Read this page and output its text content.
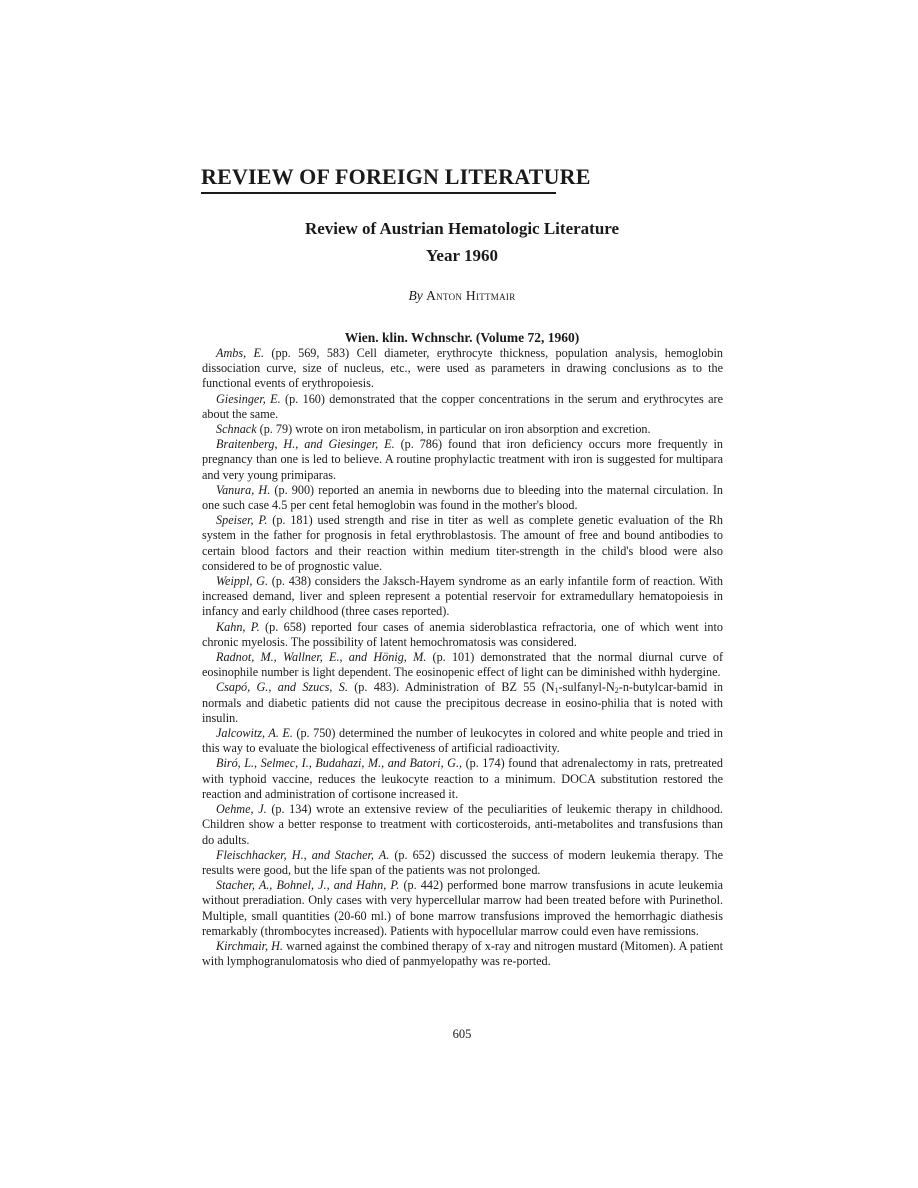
REVIEW OF FOREIGN LITERATURE
Review of Austrian Hematologic Literature
Year 1960
By Anton Hittmair
Wien. klin. Wchnschr. (Volume 72, 1960)

Ambs, E. (pp. 569, 583) Cell diameter, erythrocyte thickness, population analysis, hemoglobin dissociation curve, size of nucleus, etc., were used as parameters in drawing conclusions as to the functional events of erythropoiesis.

Giesinger, E. (p. 160) demonstrated that the copper concentrations in the serum and erythrocytes are about the same.

Schnack (p. 79) wrote on iron metabolism, in particular on iron absorption and excretion.

Braitenberg, H., and Giesinger, E. (p. 786) found that iron deficiency occurs more frequently in pregnancy than one is led to believe. A routine prophylactic treatment with iron is suggested for multipara and very young primiparas.

Vanura, H. (p. 900) reported an anemia in newborns due to bleeding into the maternal circulation. In one such case 4.5 per cent fetal hemoglobin was found in the mother's blood.

Speiser, P. (p. 181) used strength and rise in titer as well as complete genetic evaluation of the Rh system in the father for prognosis in fetal erythroblastosis. The amount of free and bound antibodies to certain blood factors and their reaction within medium titer-strength in the child's blood were also considered to be of prognostic value.

Weippl, G. (p. 438) considers the Jaksch-Hayem syndrome as an early infantile form of reaction. With increased demand, liver and spleen represent a potential reservoir for extramedullary hematopoiesis in infancy and early childhood (three cases reported).

Kahn, P. (p. 658) reported four cases of anemia sideroblastica refractoria, one of which went into chronic myelosis. The possibility of latent hemochromatosis was considered.

Radnot, M., Wallner, E., and Hönig, M. (p. 101) demonstrated that the normal diurnal curve of eosinophile number is light dependent. The eosinopenic effect of light can be diminished withh hydergine.

Csapó, G., and Szucs, S. (p. 483). Administration of BZ 55 ($N_1-sulfanyl-N_2-n-butylcar$-bamid in normals and diabetic patients did not cause the precipitous decrease in eosino-philia that is noted with insulin.

Jalcowitz, A. E. (p. 750) determined the number of leukocytes in colored and white people and tried in this way to evaluate the biological effectiveness of artificial radioactivity.

Biró, L., Selmec, I., Budahazi, M., and Batori, G., (p. 174) found that adrenalectomy in rats, pretreated with typhoid vaccine, reduces the leukocyte reaction to a minimum. DOCA substitution restored the reaction and administration of cortisone increased it.

Oehme, J. (p. 134) wrote an extensive review of the peculiarities of leukemic therapy in childhood. Children show a better response to treatment with corticosteroids, anti-metabolites and transfusions than do adults.

Fleischhacker, H., and Stacher, A. (p. 652) discussed the success of modern leukemia therapy. The results were good, but the life span of the patients was not prolonged.

Stacher, A., Bohnel, J., and Hahn, P. (p. 442) performed bone marrow transfusions in acute leukemia without preradiation. Only cases with very hypercellular marrow had been treated before with Purinethol. Multiple, small quantities (20-60 ml.) of bone marrow transfusions improved the hemorrhagic diathesis remarkably (thrombocytes increased). Patients with hypocellular marrow could even have remissions.

Kirchmair, H. warned against the combined therapy of x-ray and nitrogen mustard (Mitomen). A patient with lymphogranulomatosis who died of panmyelopathy was re-ported.

605
